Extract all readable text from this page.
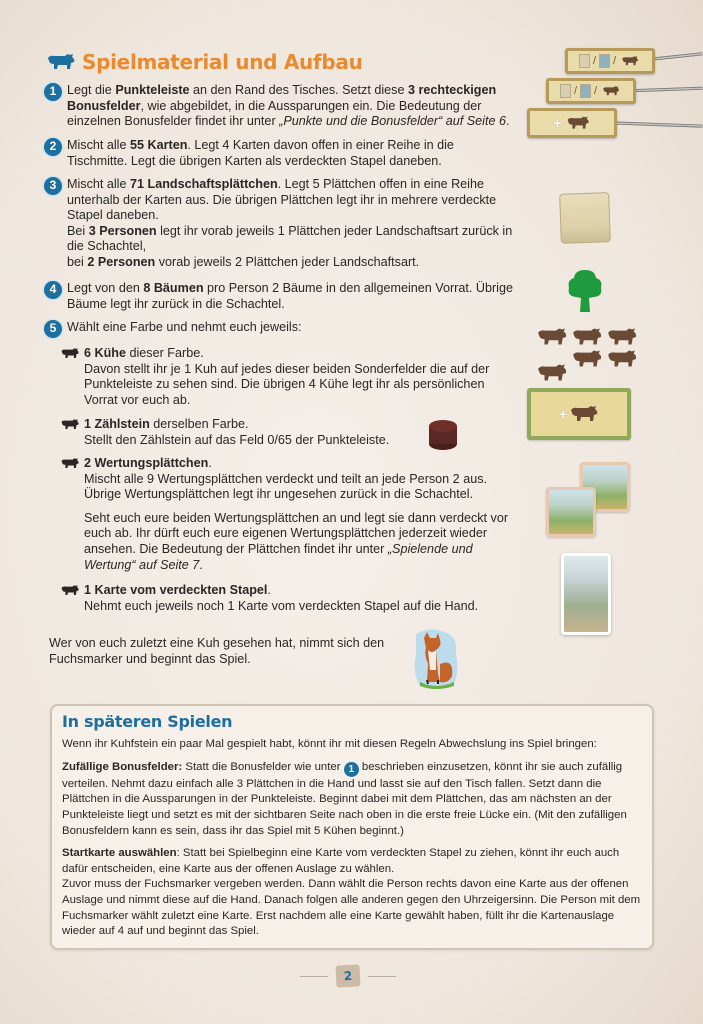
Spielmaterial und Aufbau
1 Legt die Punkteleiste an den Rand des Tisches. Setzt diese 3 rechteckigen Bonusfelder, wie abgebildet, in die Aussparungen ein. Die Bedeutung der einzelnen Bonusfelder findet ihr unter „Punkte und die Bonusfelder“ auf Seite 6.
2 Mischt alle 55 Karten. Legt 4 Karten davon offen in einer Reihe in die Tischmitte. Legt die übrigen Karten als verdeckten Stapel daneben.
3 Mischt alle 71 Landschaftsplättchen. Legt 5 Plättchen offen in eine Reihe unterhalb der Karten aus. Die übrigen Plättchen legt ihr in mehrere verdeckte Stapel daneben.

Bei 3 Personen legt ihr vorab jeweils 1 Plättchen jeder Landschaftsart zurück in die Schachtel,

bei 2 Personen vorab jeweils 2 Plättchen jeder Landschaftsart.

4 Legt von den 8 Bäumen pro Person 2 Bäume in den allgemeinen Vorrat. Übrige Bäume legt ihr zurück in die Schachtel.
5 Wählt eine Farbe und nehmt euch jeweils:

6 Kühe dieser Farbe.

Davon stellt ihr je 1 Kuh auf jedes dieser beiden Sonderfelder die auf der Punkteleiste zu sehen sind. Die übrigen 4 Kühe legt ihr als persönlichen Vorrat vor euch ab.

1 Zählstein derselben Farbe.

Stellt den Zählstein auf das Feld 0/65 der Punkteleiste.

2 Wertungsplättchen.

Mischt alle 9 Wertungsplättchen verdeckt und teilt an jede Person 2 aus. Übrige Wertungsplättchen legt ihr ungesehen zurück in die Schachtel.

Seht euch eure beiden Wertungsplättchen an und legt sie dann verdeckt vor euch ab. Ihr dürft euch eure eigenen Wertungsplättchen jederzeit wieder ansehen. Die Bedeutung der Plättchen findet ihr unter „Spielende und Wertung“ auf Seite 7.

1 Karte vom verdeckten Stapel.

Nehmt euch jeweils noch 1 Karte vom verdeckten Stapel auf die Hand.

Wer von euch zuletzt eine Kuh gesehen hat, nimmt sich den Fuchsmarker und beginnt das Spiel.
/ /
/ /
+
+
In späteren Spielen
Wenn ihr Kuhfstein ein paar Mal gespielt habt, könnt ihr mit diesen Regeln Abwechslung ins Spiel bringen:
Zufällige Bonusfelder: Statt die Bonusfelder wie unter 1 beschrieben einzusetzen, könnt ihr sie auch zufällig verteilen. Nehmt dazu einfach alle 3 Plättchen in die Hand und lasst sie auf den Tisch fallen. Setzt dann die Plättchen in die Aussparungen in der Punkteleiste. Beginnt dabei mit dem Plättchen, das am nächsten an der Punkteleiste liegt und setzt es mit der sichtbaren Seite nach oben in die erste freie Lücke ein. (Mit den zufälligen Bonusfeldern kann es sein, dass ihr das Spiel mit 5 Kühen beginnt.)
Startkarte auswählen: Statt bei Spielbeginn eine Karte vom verdeckten Stapel zu ziehen, könnt ihr euch auch dafür entscheiden, eine Karte aus der offenen Auslage zu wählen.
Zuvor muss der Fuchsmarker vergeben werden. Dann wählt die Person rechts davon eine Karte aus der offenen Auslage und nimmt diese auf die Hand. Danach folgen alle anderen gegen den Uhrzeigersinn. Die Person mit dem Fuchsmarker wählt zuletzt eine Karte. Erst nachdem alle eine Karte gewählt haben, füllt ihr die Kartenauslage wieder auf 4 auf und beginnt das Spiel.
2
